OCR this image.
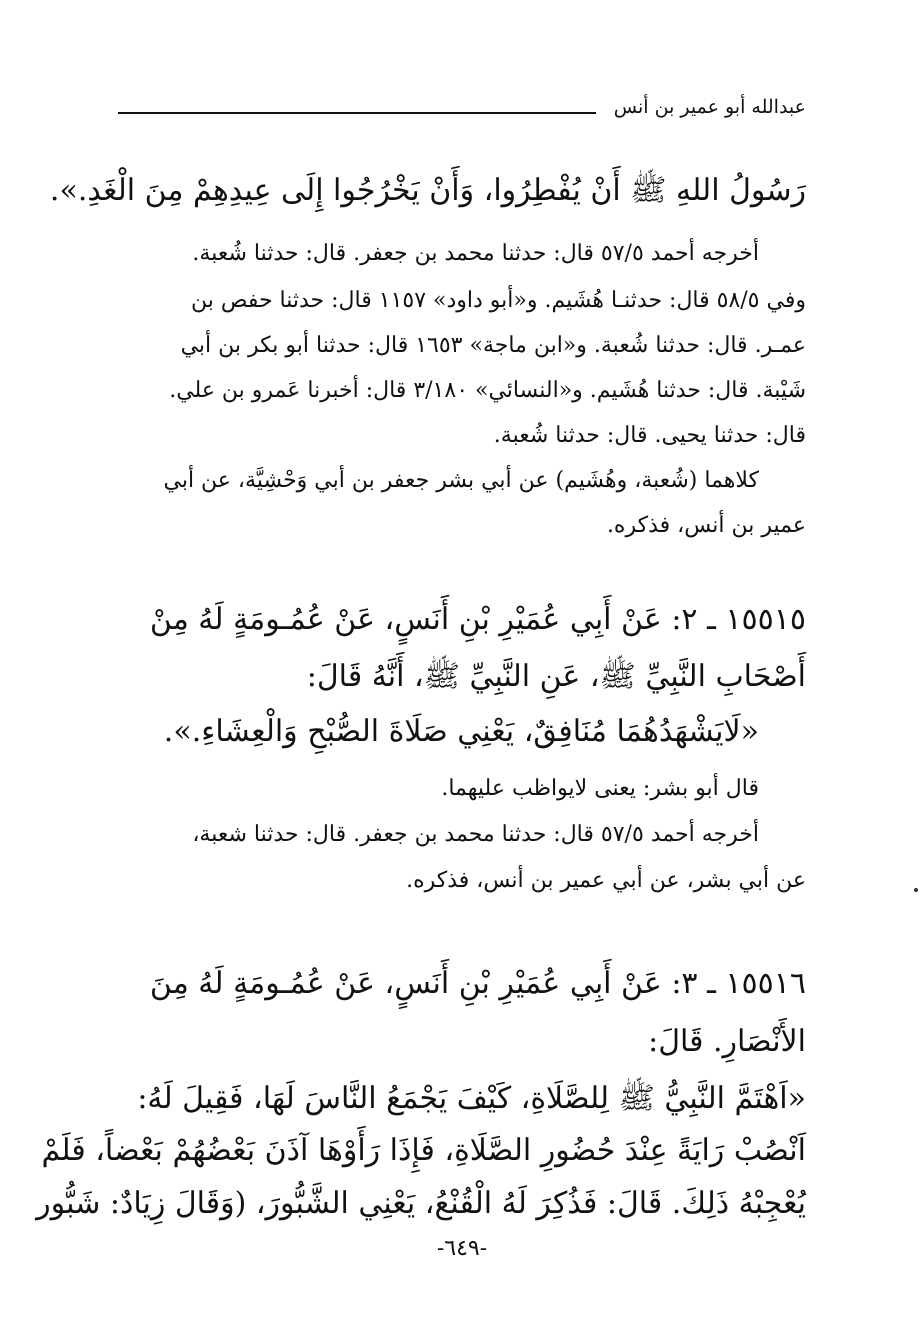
عبدالله أبو عمير بن أنس
رَسُولُ اللهِ ﷺ أَنْ يُفْطِرُوا، وَأَنْ يَخْرُجُوا إِلَى عِيدِهِمْ مِنَ الْغَدِ.».
أخرجه أحمد ٥٧/٥ قال: حدثنا محمد بن جعفر. قال: حدثنا شُعبة.
وفي ٥٨/٥ قال: حدثنـا هُشَيم. و«أبو داود» ١١٥٧ قال: حدثنا حفص بن
عمـر. قال: حدثنا شُعبة. و«ابن ماجة» ١٦٥٣ قال: حدثنا أبو بكر بن أبي
شَيْبة. قال: حدثنا هُشَيم. و«النسائي» ٣/١٨٠ قال: أخبرنا عَمرو بن علي.
قال: حدثنا يحيى. قال: حدثنا شُعبة.
كلاهما (شُعبة، وهُشَيم) عن أبي بشر جعفر بن أبي وَحْشِيَّة، عن أبي
عمير بن أنس، فذكره.
١٥٥١٥ ـ ٢: عَنْ أَبِي عُمَيْرِ بْنِ أَنَسٍ، عَنْ عُمُـومَةٍ لَهُ مِنْ
أَصْحَابِ النَّبِيِّ ﷺ، عَنِ النَّبِيِّ ﷺ، أَنَّهُ قَالَ:
«لَايَشْهَدُهُمَا مُنَافِقٌ، يَعْنِي صَلَاةَ الصُّبْحِ وَالْعِشَاءِ.».
قال أبو بشر: يعنى لايواظب عليهما.
أخرجه أحمد ٥٧/٥ قال: حدثنا محمد بن جعفر. قال: حدثنا شعبة،
عن أبي بشر، عن أبي عمير بن أنس، فذكره.
١٥٥١٦ ـ ٣: عَنْ أَبِي عُمَيْرِ بْنِ أَنَسٍ، عَنْ عُمُـومَةٍ لَهُ مِنَ
الأَنْصَارِ. قَالَ:
«اَهْتَمَّ النَّبِيُّ ﷺ لِلصَّلَاةِ، كَيْفَ يَجْمَعُ النَّاسَ لَهَا، فَقِيلَ لَهُ:
اَنْصُبْ رَايَةً عِنْدَ حُضُورِ الصَّلَاةِ، فَإِذَا رَأَوْهَا آذَنَ بَعْضُهُمْ بَعْضاً، فَلَمْ
يُعْجِبْهُ ذَلِكَ. قَالَ: فَذُكِرَ لَهُ الْقُنْعُ، يَعْنِي الشَّبُّورَ، (وَقَالَ زِيَادٌ: شَبُّور
-٦٤٩-
